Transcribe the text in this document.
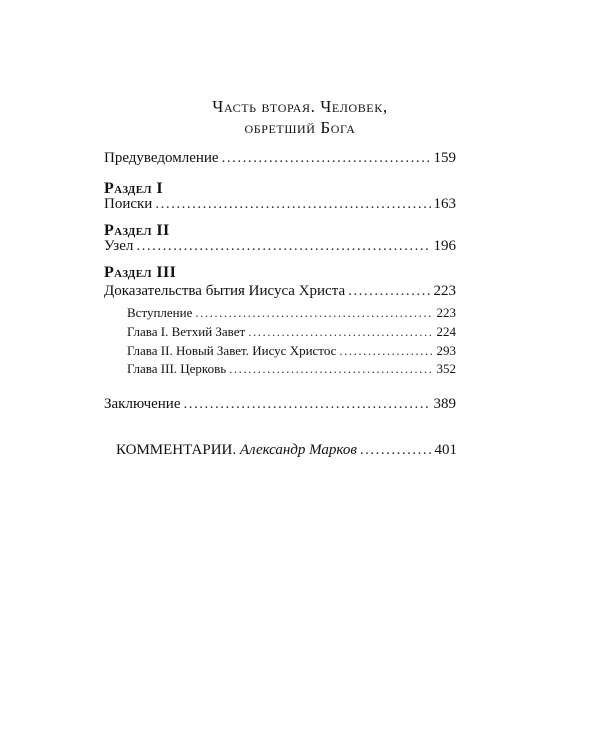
Часть вторая. Человек,
обретший Бога
Предуведомление .....	159
Раздел I
Поиски .....	163
Раздел II
Узел .....	196
Раздел III
Доказательства бытия Иисуса Христа .....	223
Вступление .....	223
Глава I. Ветхий Завет .....	224
Глава II. Новый Завет. Иисус Христос .....	293
Глава III. Церковь .....	352
Заключение .....	389
КОММЕНТАРИИ. Александр Марков .....	401
